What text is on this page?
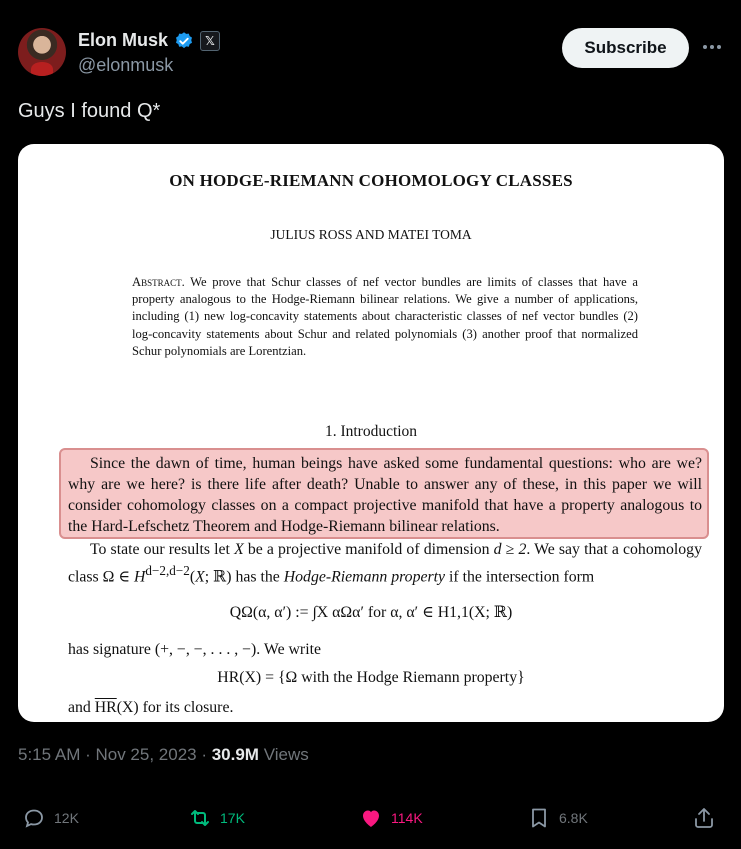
Elon Musk	𝕏
@elonmusk
Subscribe
Guys I found Q*
ON HODGE-RIEMANN COHOMOLOGY CLASSES
JULIUS ROSS AND MATEI TOMA
Abstract. We prove that Schur classes of nef vector bundles are limits of classes that have a property analogous to the Hodge-Riemann bilinear relations. We give a number of applications, including (1) new log-concavity statements about characteristic classes of nef vector bundles (2) log-concavity statements about Schur and related polynomials (3) another proof that normalized Schur polynomials are Lorentzian.
1. Introduction
Since the dawn of time, human beings have asked some fundamental questions: who are we? why are we here? is there life after death? Unable to answer any of these, in this paper we will consider cohomology classes on a compact projective manifold that have a property analogous to the Hard-Lefschetz Theorem and Hodge-Riemann bilinear relations.
To state our results let X be a projective manifold of dimension d ≥ 2. We say that a cohomology class Ω ∈ $H^{d-2,d-2}(X$; ℝ) has the Hodge-Riemann property if the intersection form
QΩ(α, α′) := ∫X αΩα′ for α, α′ ∈ H1,1(X; ℝ)
has signature (+, −, −, . . . , −). We write
HR(X) = {Ω with the Hodge Riemann property}
and $\overline{HR}(X)$ for its closure.
5:15 AM · Nov 25, 2023 · 30.9M Views
12K	17K	114K	6.8K
